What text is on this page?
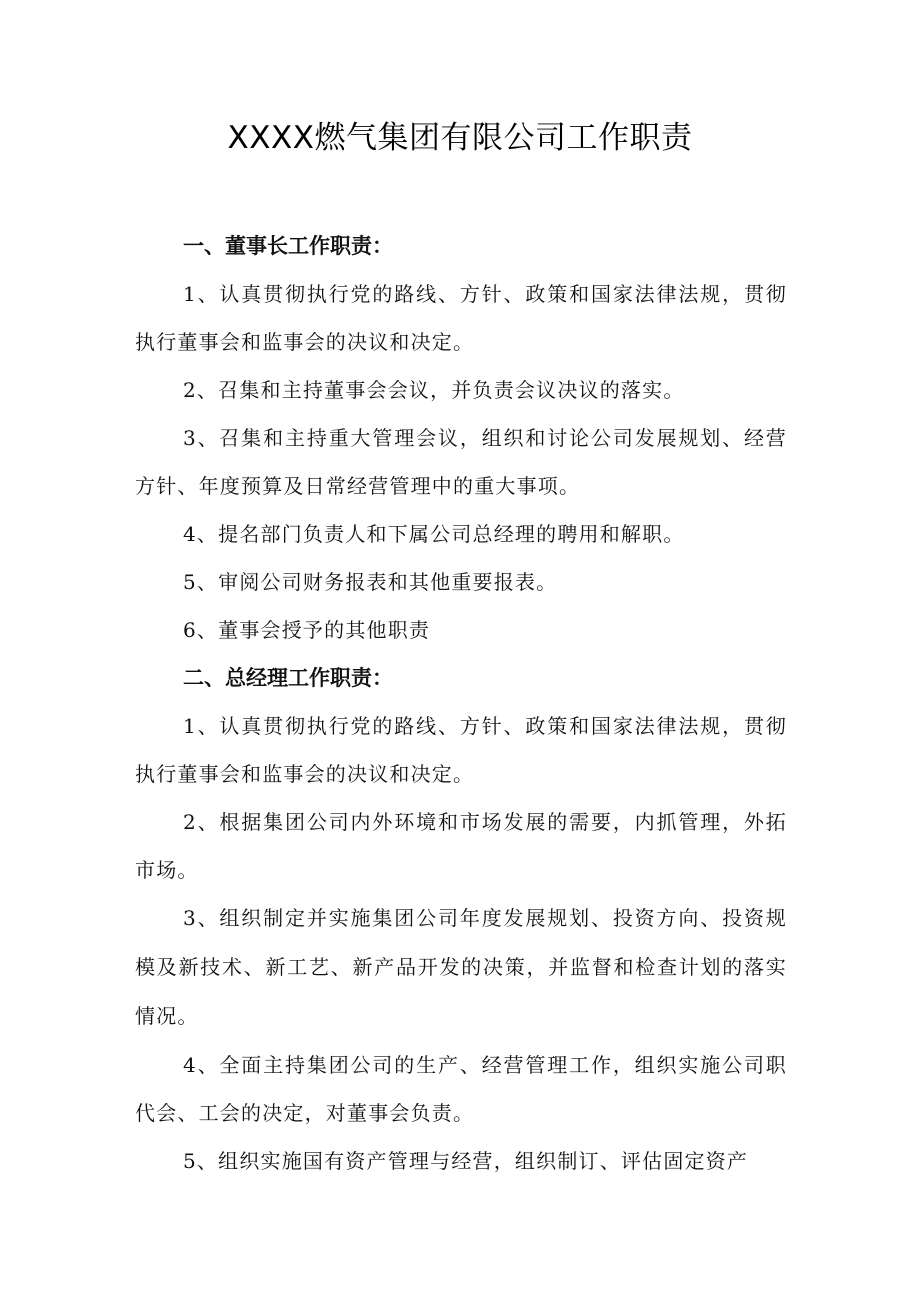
XXXX燃气集团有限公司工作职责
一、董事长工作职责：

1、认真贯彻执行党的路线、方针、政策和国家法律法规，贯彻执行董事会和监事会的决议和决定。

2、召集和主持董事会会议，并负责会议决议的落实。

3、召集和主持重大管理会议，组织和讨论公司发展规划、经营方针、年度预算及日常经营管理中的重大事项。

4、提名部门负责人和下属公司总经理的聘用和解职。

5、审阅公司财务报表和其他重要报表。

6、董事会授予的其他职责

二、总经理工作职责：

1、认真贯彻执行党的路线、方针、政策和国家法律法规，贯彻执行董事会和监事会的决议和决定。

2、根据集团公司内外环境和市场发展的需要，内抓管理，外拓市场。

3、组织制定并实施集团公司年度发展规划、投资方向、投资规模及新技术、新工艺、新产品开发的决策，并监督和检查计划的落实情况。

4、全面主持集团公司的生产、经营管理工作，组织实施公司职代会、工会的决定，对董事会负责。

5、组织实施国有资产管理与经营，组织制订、评估固定资产
